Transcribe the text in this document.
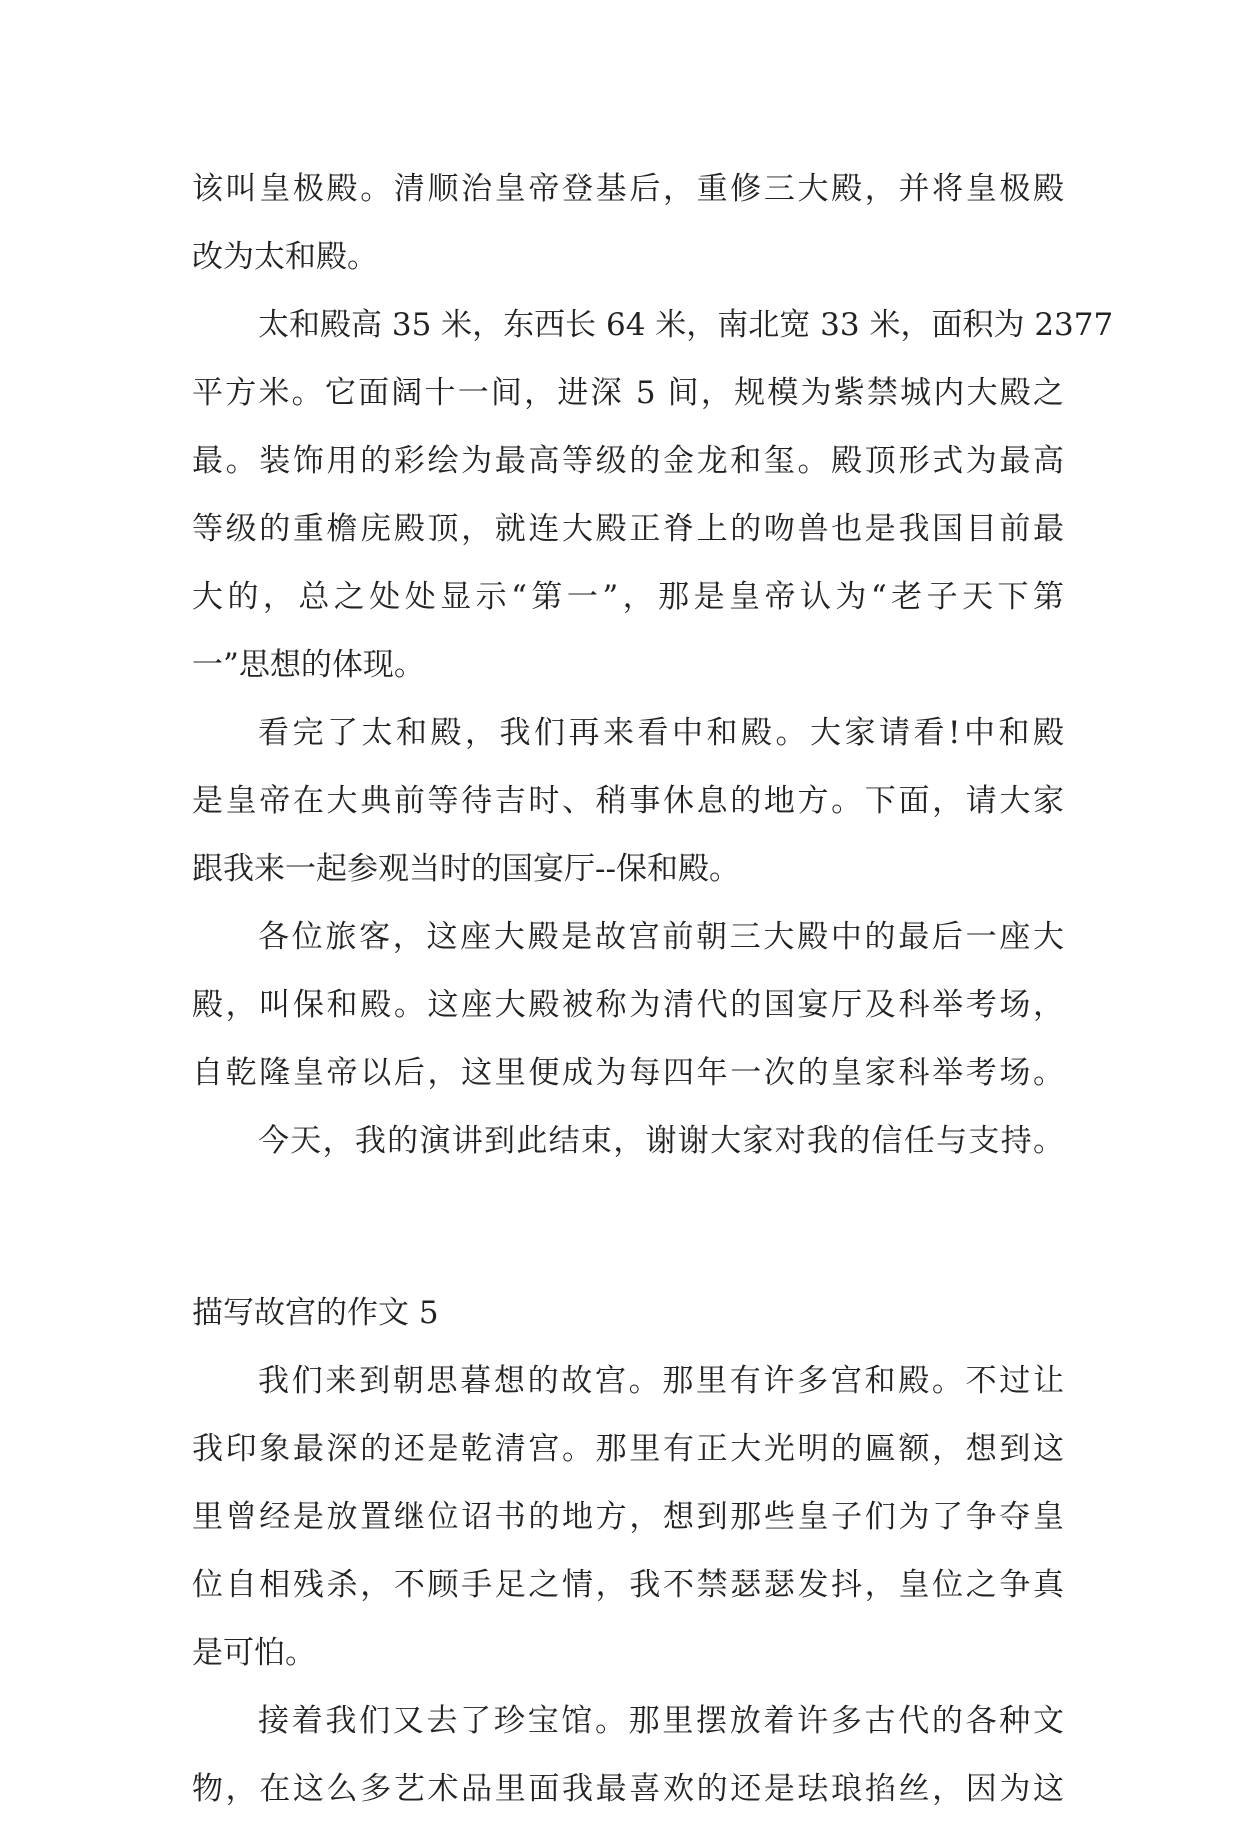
该叫皇极殿。清顺治皇帝登基后，重修三大殿，并将皇极殿
改为太和殿。
太和殿高 35 米，东西长 64 米，南北宽 33 米，面积为 2377
平方米。它面阔十一间，进深 5 间，规模为紫禁城内大殿之
最。装饰用的彩绘为最高等级的金龙和玺。殿顶形式为最高
等级的重檐庑殿顶，就连大殿正脊上的吻兽也是我国目前最
大的，总之处处显示“第一”，那是皇帝认为“老子天下第
一”思想的体现。
看完了太和殿，我们再来看中和殿。大家请看!中和殿
是皇帝在大典前等待吉时、稍事休息的地方。下面，请大家
跟我来一起参观当时的国宴厅--保和殿。
各位旅客，这座大殿是故宫前朝三大殿中的最后一座大
殿，叫保和殿。这座大殿被称为清代的国宴厅及科举考场，
自乾隆皇帝以后，这里便成为每四年一次的皇家科举考场。
今天，我的演讲到此结束，谢谢大家对我的信任与支持。
描写故宫的作文 5
我们来到朝思暮想的故宫。那里有许多宫和殿。不过让
我印象最深的还是乾清宫。那里有正大光明的匾额，想到这
里曾经是放置继位诏书的地方，想到那些皇子们为了争夺皇
位自相残杀，不顾手足之情，我不禁瑟瑟发抖，皇位之争真
是可怕。
接着我们又去了珍宝馆。那里摆放着许多古代的各种文
物，在这么多艺术品里面我最喜欢的还是珐琅掐丝，因为这
